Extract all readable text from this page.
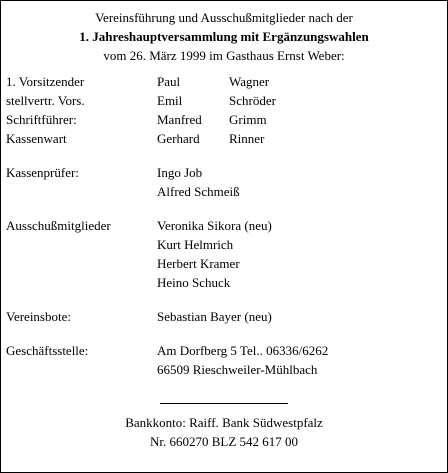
Vereinsführung und Ausschußmitglieder nach der
1. Jahreshauptversammlung mit Ergänzungswahlen
vom 26. März 1999 im Gasthaus Ernst Weber:
1. Vorsitzender	Paul	Wagner
stellvertr. Vors.	Emil	Schröder
Schriftführer:	Manfred Grimm
Kassenwart	Gerhard Rinner
Kassenprüfer:	Ingo Job
Alfred Schmeiß
Ausschußmitglieder	Veronika Sikora (neu)
Kurt Helmrich
Herbert Kramer
Heino Schuck
Vereinsbote:	Sebastian Bayer (neu)
Geschäftsstelle:	Am Dorfberg 5 Tel.. 06336/6262
66509 Rieschweiler-Mühlbach
Bankkonto: Raiff. Bank Südwestpfalz
Nr. 660270 BLZ 542 617 00
